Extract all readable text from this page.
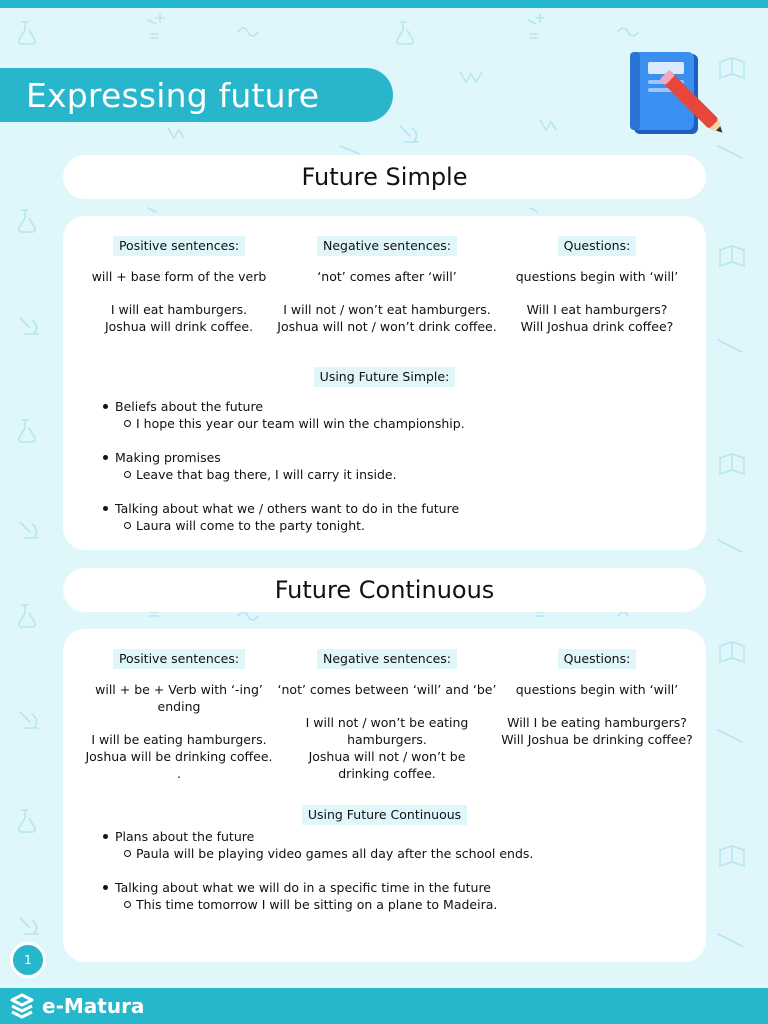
Expressing future
Future Simple
Positive sentences:
will + base form of the verb
I will eat hamburgers.
Joshua will drink coffee.
Negative sentences:
‘not’ comes after ‘will’
I will not / won’t eat hamburgers.
Joshua will not / won’t drink coffee.
Questions:
questions begin with ‘will’
Will I eat hamburgers?
Will Joshua drink coffee?
Using Future Simple:
Beliefs about the future
I hope this year our team will win the championship.
Making promises
Leave that bag there, I will carry it inside.
Talking about what we / others want to do in the future
Laura will come to the party tonight.
Future Continuous
Positive sentences:
will + be + Verb with ‘-ing’
ending
I will be eating hamburgers.
Joshua will be drinking coffee.
.
Negative sentences:
‘not’ comes between ‘will’ and ‘be’
I will not / won’t be eating
hamburgers.
Joshua will not / won’t be
drinking coffee.
Questions:
questions begin with ‘will’
Will I be eating hamburgers?
Will Joshua be drinking coffee?
Using Future Continuous
Plans about the future
Paula will be playing video games all day after the school ends.
Talking about what we will do in a specific time in the future
This time tomorrow I will be sitting on a plane to Madeira.
1
e-Matura
